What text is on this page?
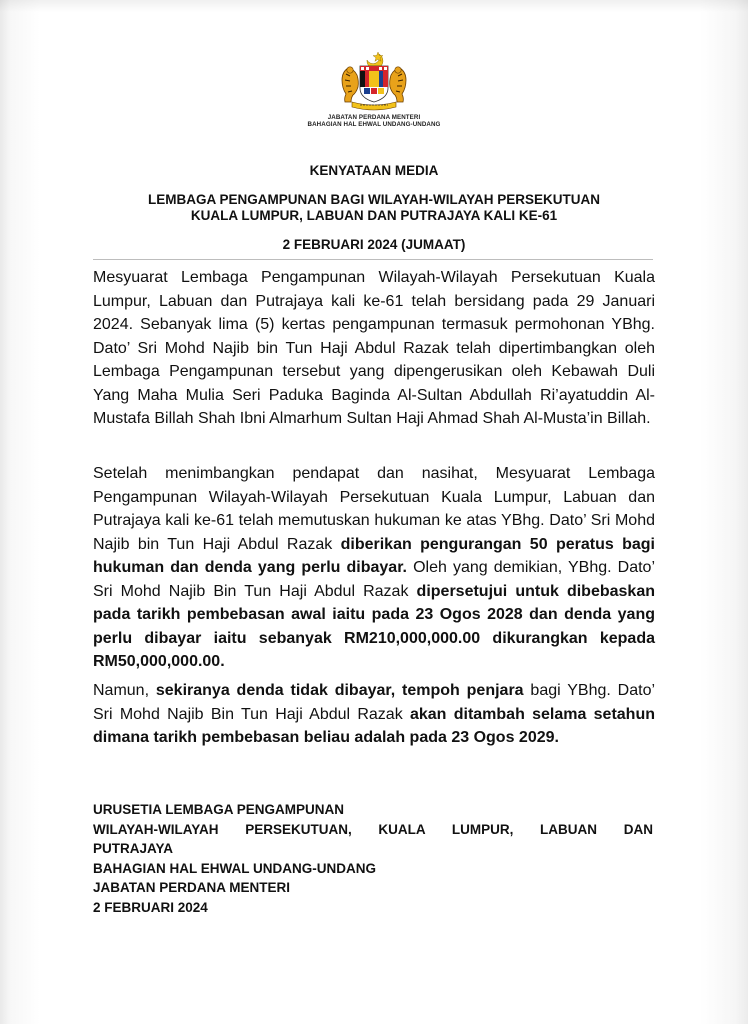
JABATAN PERDANA MENTERI
BAHAGIAN HAL EHWAL UNDANG-UNDANG
KENYATAAN MEDIA
LEMBAGA PENGAMPUNAN BAGI WILAYAH-WILAYAH PERSEKUTUAN
KUALA LUMPUR, LABUAN DAN PUTRAJAYA KALI KE-61
2 FEBRUARI 2024 (JUMAAT)

Mesyuarat Lembaga Pengampunan Wilayah-Wilayah Persekutuan Kuala Lumpur, Labuan dan Putrajaya kali ke-61 telah bersidang pada 29 Januari 2024. Sebanyak lima (5) kertas pengampunan termasuk permohonan YBhg. Dato’ Sri Mohd Najib bin Tun Haji Abdul Razak telah dipertimbangkan oleh Lembaga Pengampunan tersebut yang dipengerusikan oleh Kebawah Duli Yang Maha Mulia Seri Paduka Baginda Al-Sultan Abdullah Ri’ayatuddin Al-Mustafa Billah Shah Ibni Almarhum Sultan Haji Ahmad Shah Al-Musta’in Billah.

Setelah menimbangkan pendapat dan nasihat, Mesyuarat Lembaga Pengampunan Wilayah-Wilayah Persekutuan Kuala Lumpur, Labuan dan Putrajaya kali ke-61 telah memutuskan hukuman ke atas YBhg. Dato’ Sri Mohd Najib bin Tun Haji Abdul Razak diberikan pengurangan 50 peratus bagi hukuman dan denda yang perlu dibayar. Oleh yang demikian, YBhg. Dato’ Sri Mohd Najib Bin Tun Haji Abdul Razak dipersetujui untuk dibebaskan pada tarikh pembebasan awal iaitu pada 23 Ogos 2028 dan denda yang perlu dibayar iaitu sebanyak RM210,000,000.00 dikurangkan kepada RM50,000,000.00.

Namun, sekiranya denda tidak dibayar, tempoh penjara bagi YBhg. Dato’ Sri Mohd Najib Bin Tun Haji Abdul Razak akan ditambah selama setahun dimana tarikh pembebasan beliau adalah pada 23 Ogos 2029.

URUSETIA LEMBAGA PENGAMPUNAN
WILAYAH-WILAYAH PERSEKUTUAN, KUALA LUMPUR, LABUAN DAN
PUTRAJAYA
BAHAGIAN HAL EHWAL UNDANG-UNDANG
JABATAN PERDANA MENTERI
2 FEBRUARI 2024
